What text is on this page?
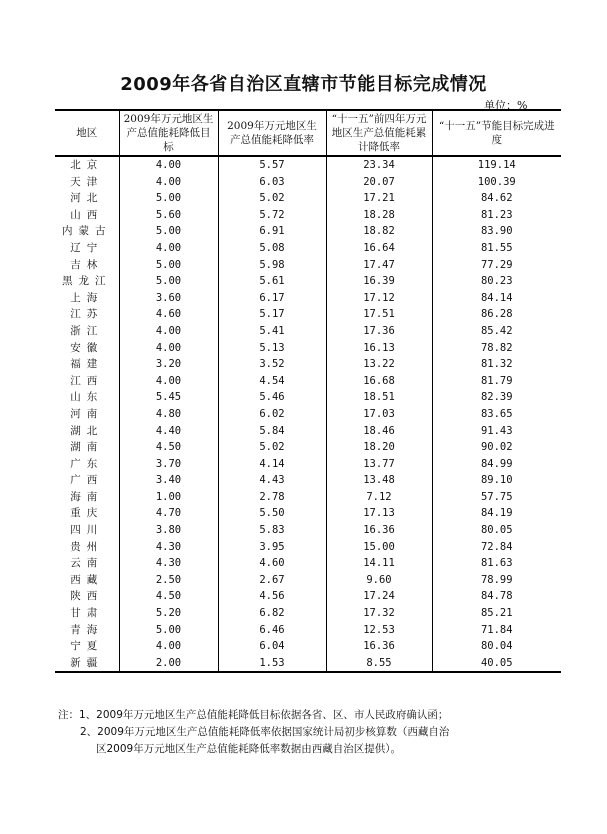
2009年各省自治区直辖市节能目标完成情况
单位：%
地区	2009年万元地区生产总值能耗降低目标	2009年万元地区生产总值能耗降低率	“十一五”前四年万元地区生产总值能耗累计降低率	“十一五”节能目标完成进度
北京	4.00	5.57	23.34	119.14
天津	4.00	6.03	20.07	100.39
河北	5.00	5.02	17.21	84.62
山西	5.60	5.72	18.28	81.23
内蒙古	5.00	6.91	18.82	83.90
辽宁	4.00	5.08	16.64	81.55
吉林	5.00	5.98	17.47	77.29
黑龙江	5.00	5.61	16.39	80.23
上海	3.60	6.17	17.12	84.14
江苏	4.60	5.17	17.51	86.28
浙江	4.00	5.41	17.36	85.42
安徽	4.00	5.13	16.13	78.82
福建	3.20	3.52	13.22	81.32
江西	4.00	4.54	16.68	81.79
山东	5.45	5.46	18.51	82.39
河南	4.80	6.02	17.03	83.65
湖北	4.40	5.84	18.46	91.43
湖南	4.50	5.02	18.20	90.02
广东	3.70	4.14	13.77	84.99
广西	3.40	4.43	13.48	89.10
海南	1.00	2.78	7.12	57.75
重庆	4.70	5.50	17.13	84.19
四川	3.80	5.83	16.36	80.05
贵州	4.30	3.95	15.00	72.84
云南	4.30	4.60	14.11	81.63
西藏	2.50	2.67	9.60	78.99
陕西	4.50	4.56	17.24	84.78
甘肃	5.20	6.82	17.32	85.21
青海	5.00	6.46	12.53	71.84
宁夏	4.00	6.04	16.36	80.04
新疆	2.00	1.53	8.55	40.05
注：1、2009年万元地区生产总值能耗降低目标依据各省、区、市人民政府确认函；
2、2009年万元地区生产总值能耗降低率依据国家统计局初步核算数（西藏自治
区2009年万元地区生产总值能耗降低率数据由西藏自治区提供）。
